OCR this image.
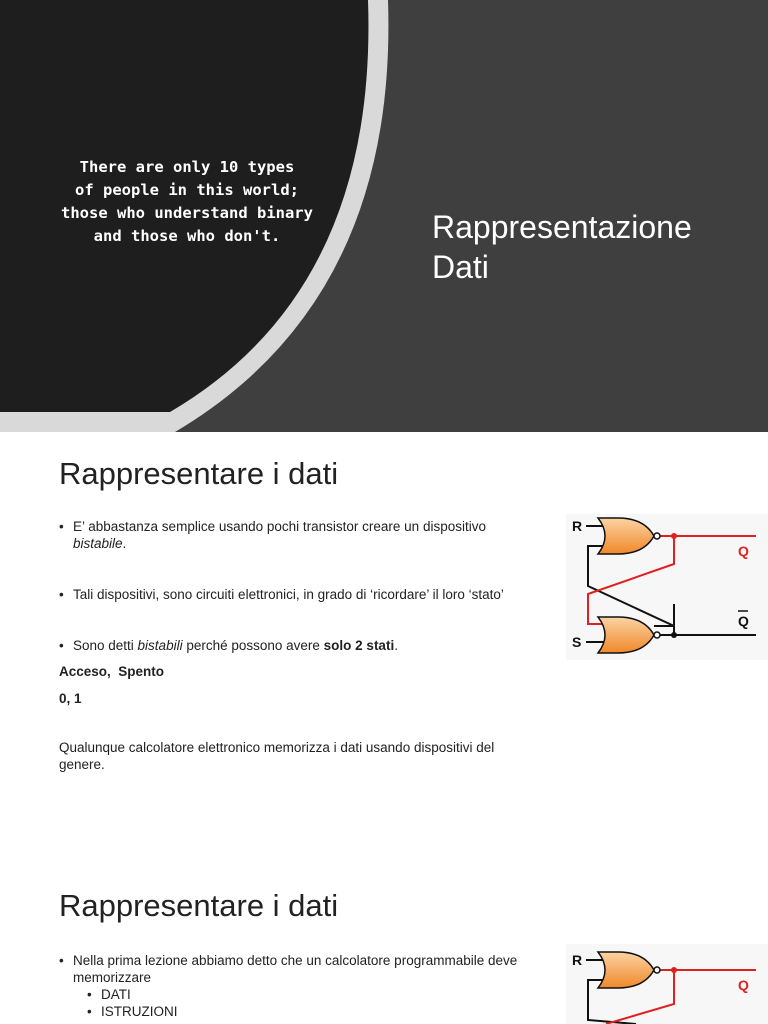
There are only 10 types
of people in this world;
those who understand binary
and those who don't.	Rappresentazione
Dati
Rappresentare i dati

• E’ abbastanza semplice usando pochi transistor creare un dispositivo
bistabile.

• Tali dispositivi, sono circuiti elettronici, in grado di ‘ricordare’ il loro ‘stato’

• Sono detti bistabili perché possono avere solo 2 stati.

Acceso,  Spento
0, 1
Qualunque calcolatore elettronico memorizza i dati usando dispositivi del genere.
R
S
Q
Q
Rappresentare i dati

• Nella prima lezione abbiamo detto che un calcolatore programmabile deve memorizzare

• DATI

• ISTRUZIONI

R
Q
